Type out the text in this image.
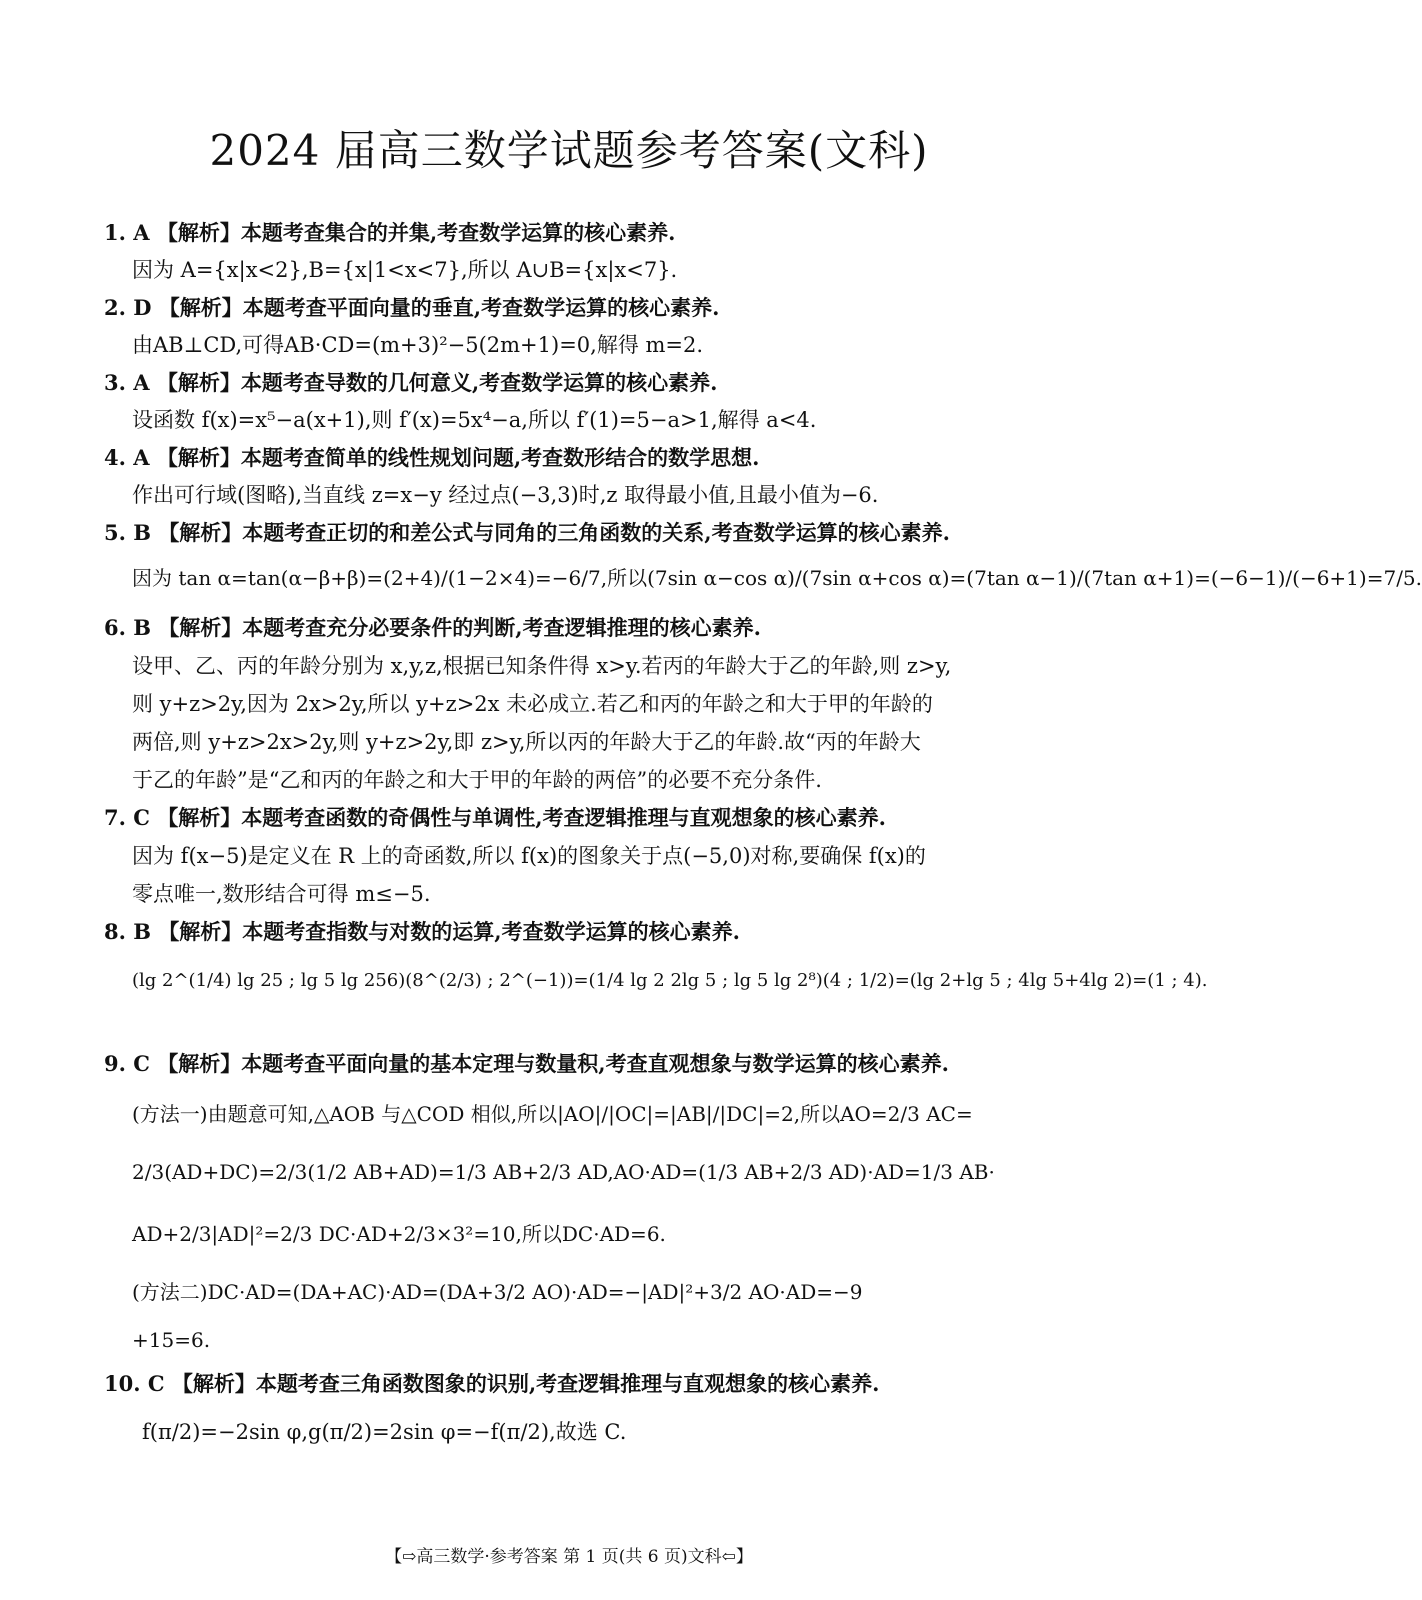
2024 届高三数学试题参考答案(文科)
1. A 【解析】本题考查集合的并集,考查数学运算的核心素养.
因为 A={x|x<2},B={x|1<x<7},所以 A∪B={x|x<7}.
2. D 【解析】本题考查平面向量的垂直,考查数学运算的核心素养.
由AB⊥CD,可得AB·CD=(m+3)²−5(2m+1)=0,解得 m=2.
3. A 【解析】本题考查导数的几何意义,考查数学运算的核心素养.
设函数 f(x)=x⁵−a(x+1),则 f′(x)=5x⁴−a,所以 f′(1)=5−a>1,解得 a<4.
4. A 【解析】本题考查简单的线性规划问题,考查数形结合的数学思想.
作出可行域(图略),当直线 z=x−y 经过点(−3,3)时,z 取得最小值,且最小值为−6.
5. B 【解析】本题考查正切的和差公式与同角的三角函数的关系,考查数学运算的核心素养.
因为 tan α=tan(α−β+β)=(2+4)/(1−2×4)=−6/7,所以(7sin α−cos α)/(7sin α+cos α)=(7tan α−1)/(7tan α+1)=(−6−1)/(−6+1)=7/5.
6. B 【解析】本题考查充分必要条件的判断,考查逻辑推理的核心素养.
设甲、乙、丙的年龄分别为 x,y,z,根据已知条件得 x>y.若丙的年龄大于乙的年龄,则 z>y,
则 y+z>2y,因为 2x>2y,所以 y+z>2x 未必成立.若乙和丙的年龄之和大于甲的年龄的
两倍,则 y+z>2x>2y,则 y+z>2y,即 z>y,所以丙的年龄大于乙的年龄.故“丙的年龄大
于乙的年龄”是“乙和丙的年龄之和大于甲的年龄的两倍”的必要不充分条件.
7. C 【解析】本题考查函数的奇偶性与单调性,考查逻辑推理与直观想象的核心素养.
因为 f(x−5)是定义在 R 上的奇函数,所以 f(x)的图象关于点(−5,0)对称,要确保 f(x)的
零点唯一,数形结合可得 m≤−5.
8. B 【解析】本题考查指数与对数的运算,考查数学运算的核心素养.
(lg 2^(1/4) lg 25 ; lg 5 lg 256)(8^(2/3) ; 2^(−1))=(1/4 lg 2 2lg 5 ; lg 5 lg 2⁸)(4 ; 1/2)=(lg 2+lg 5 ; 4lg 5+4lg 2)=(1 ; 4).
9. C 【解析】本题考查平面向量的基本定理与数量积,考查直观想象与数学运算的核心素养.
(方法一)由题意可知,△AOB 与△COD 相似,所以|AO|/|OC|=|AB|/|DC|=2,所以AO=2/3 AC=
2/3(AD+DC)=2/3(1/2 AB+AD)=1/3 AB+2/3 AD,AO·AD=(1/3 AB+2/3 AD)·AD=1/3 AB·
AD+2/3|AD|²=2/3 DC·AD+2/3×3²=10,所以DC·AD=6.
(方法二)DC·AD=(DA+AC)·AD=(DA+3/2 AO)·AD=−|AD|²+3/2 AO·AD=−9
+15=6.
10. C 【解析】本题考查三角函数图象的识别,考查逻辑推理与直观想象的核心素养.
f(π/2)=−2sin φ,g(π/2)=2sin φ=−f(π/2),故选 C.
【⇨高三数学·参考答案 第 1 页(共 6 页)文科⇦】
